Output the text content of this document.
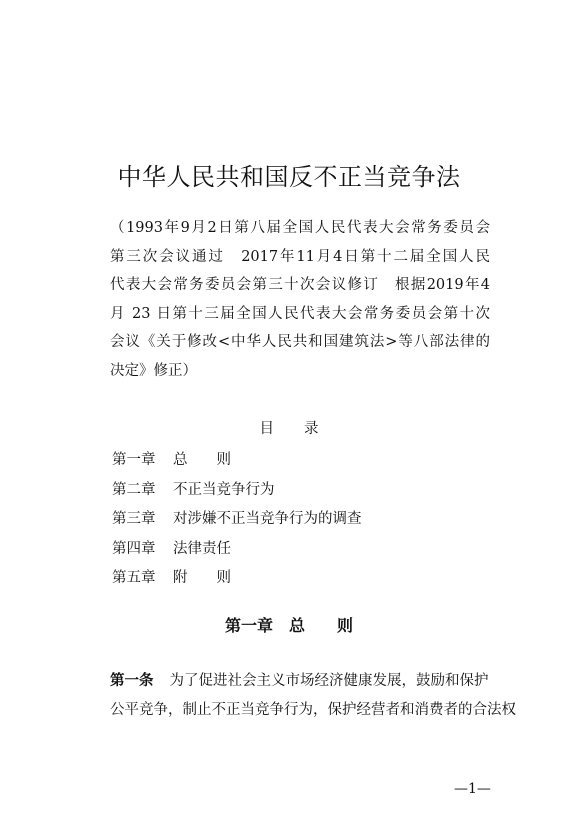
中华人民共和国反不正当竞争法
（1993年9月2日第八届全国人民代表大会常务委员会
第三次会议通过　2017年11月4日第十二届全国人民
代表大会常务委员会第三十次会议修订　根据2019年4
月 23 日第十三届全国人民代表大会常务委员会第十次
会议《关于修改<中华人民共和国建筑法>等八部法律的
决定》修正）
目录
第一章	总　　则
第二章	不正当竞争行为
第三章	对涉嫌不正当竞争行为的调查
第四章	法律责任
第五章	附　　则
第一章　总　　则
第一条 为了促进社会主义市场经济健康发展，鼓励和保护
公平竞争，制止不正当竞争行为，保护经营者和消费者的合法权
—1—
